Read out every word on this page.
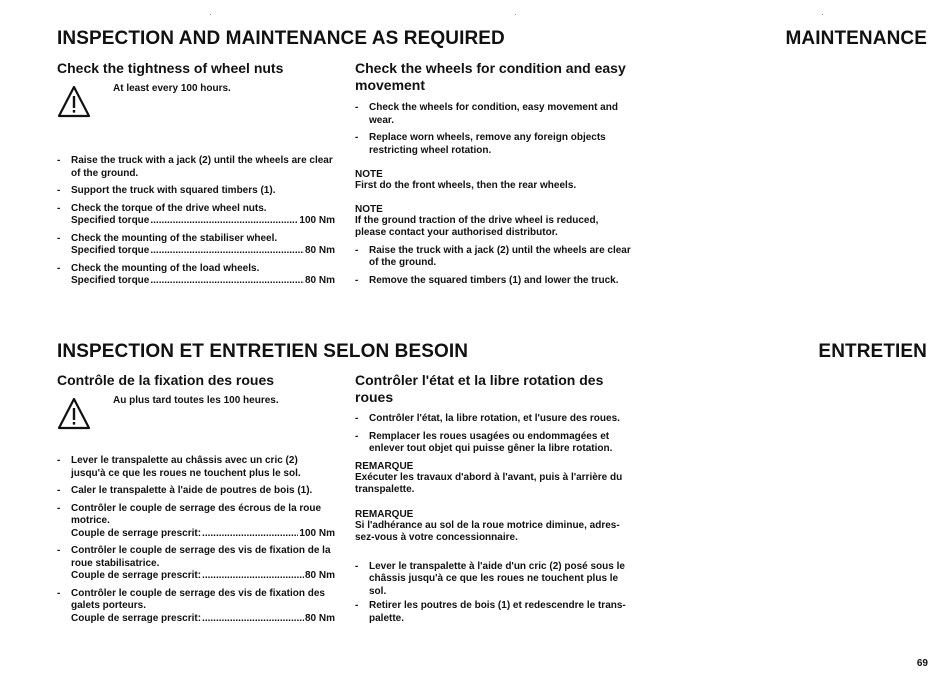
INSPECTION AND MAINTENANCE AS REQUIRED	MAINTENANCE
Check the tightness of wheel nuts
At least every 100 hours.
- Raise the truck with a jack (2) until the wheels are clear of the ground.
- Support the truck with squared timbers (1).
- Check the torque of the drive wheel nuts.
Specified torque .....	100 Nm
- Check the mounting of the stabiliser wheel.
Specified torque .....	80 Nm
- Check the mounting of the load wheels.
Specified torque .....	80 Nm
Check the wheels for condition and easy movement
- Check the wheels for condition, easy movement and wear.
- Replace worn wheels, remove any foreign objects restricting wheel rotation.
NOTE
First do the front wheels, then the rear wheels.
NOTE
If the ground traction of the drive wheel is reduced, please contact your authorised distributor.
- Raise the truck with a jack (2) until the wheels are clear of the ground.
- Remove the squared timbers (1) and lower the truck.
INSPECTION ET ENTRETIEN SELON BESOIN	ENTRETIEN
Contrôle de la fixation des roues
Au plus tard toutes les 100 heures.
- Lever le transpalette au châssis avec un cric (2) jusqu'à ce que les roues ne touchent plus le sol.
- Caler le transpalette à l'aide de poutres de bois (1).
- Contrôler le couple de serrage des écrous de la roue motrice.
Couple de serrage prescrit: .....	100 Nm
- Contrôler le couple de serrage des vis de fixation de la roue stabilisatrice.
Couple de serrage prescrit: .....	80 Nm
- Contrôler le couple de serrage des vis de fixation des galets porteurs.
Couple de serrage prescrit: .....	80 Nm
Contrôler l'état et la libre rotation des roues
- Contrôler l'état, la libre rotation, et l'usure des roues.
- Remplacer les roues usagées ou endommagées et enlever tout objet qui puisse gêner la libre rotation.
REMARQUE
Exécuter les travaux d'abord à l'avant, puis à l'arrière du transpalette.
REMARQUE
Si l'adhérance au sol de la roue motrice diminue, adres-sez-vous à votre concessionnaire.
- Lever le transpalette à l'aide d'un cric (2) posé sous le châssis jusqu'à ce que les roues ne touchent plus le sol.
- Retirer les poutres de bois (1) et redescendre le trans-palette.
69
